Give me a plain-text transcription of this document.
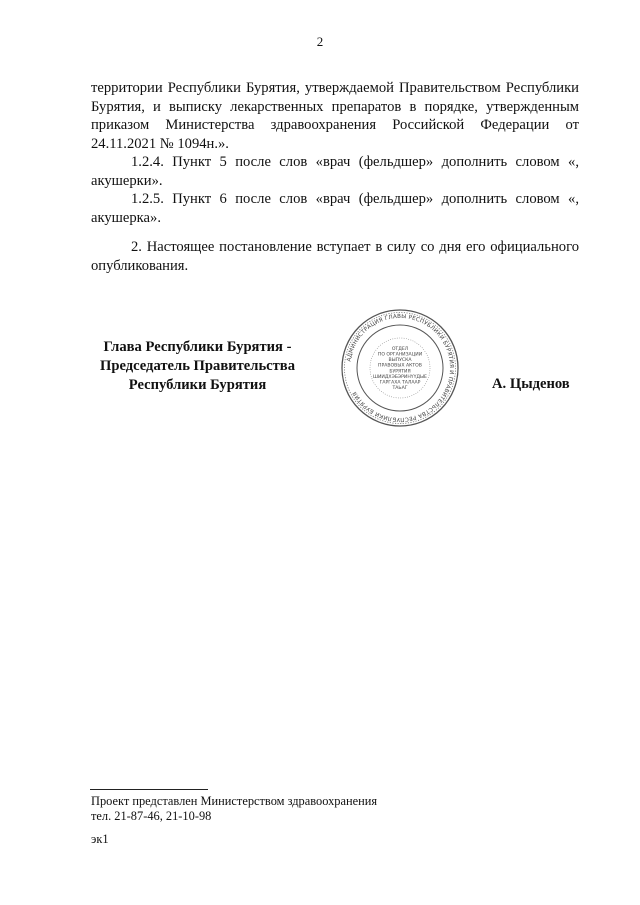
2

территории Республики Бурятия, утверждаемой Правительством Республики Бурятия, и выписку лекарственных препаратов в порядке, утвержденным приказом Министерства здравоохранения Российской Федерации от 24.11.2021 № 1094н.».

1.2.4. Пункт 5 после слов «врач (фельдшер» дополнить словом «, акушерки».

1.2.5. Пункт 6 после слов «врач (фельдшер» дополнить словом «, акушерка».

2. Настоящее постановление вступает в силу со дня его официального опубликования.

Глава Республики Бурятия -
Председатель Правительства
Республики Бурятия
АДМИНИСТРАЦИЯ ГЛАВЫ РЕСПУБЛИКИ БУРЯТИЯ И ПРАВИТЕЛЬСТВА РЕСПУБЛИКИ БУРЯТИЯ
ОТДЕЛ
ПО ОРГАНИЗАЦИИ
ВЫПУСКА
ПРАВОВЫХ АКТОВ
БУРЯТИЯ
ШИИДХЭБЭРИНҮҮДЫЕ
ГАРГАХА ТАЛААР
ТАЬАГ	А. Цыденов
Проект представлен Министерством здравоохранения
тел. 21-87-46, 21-10-98
эк1
